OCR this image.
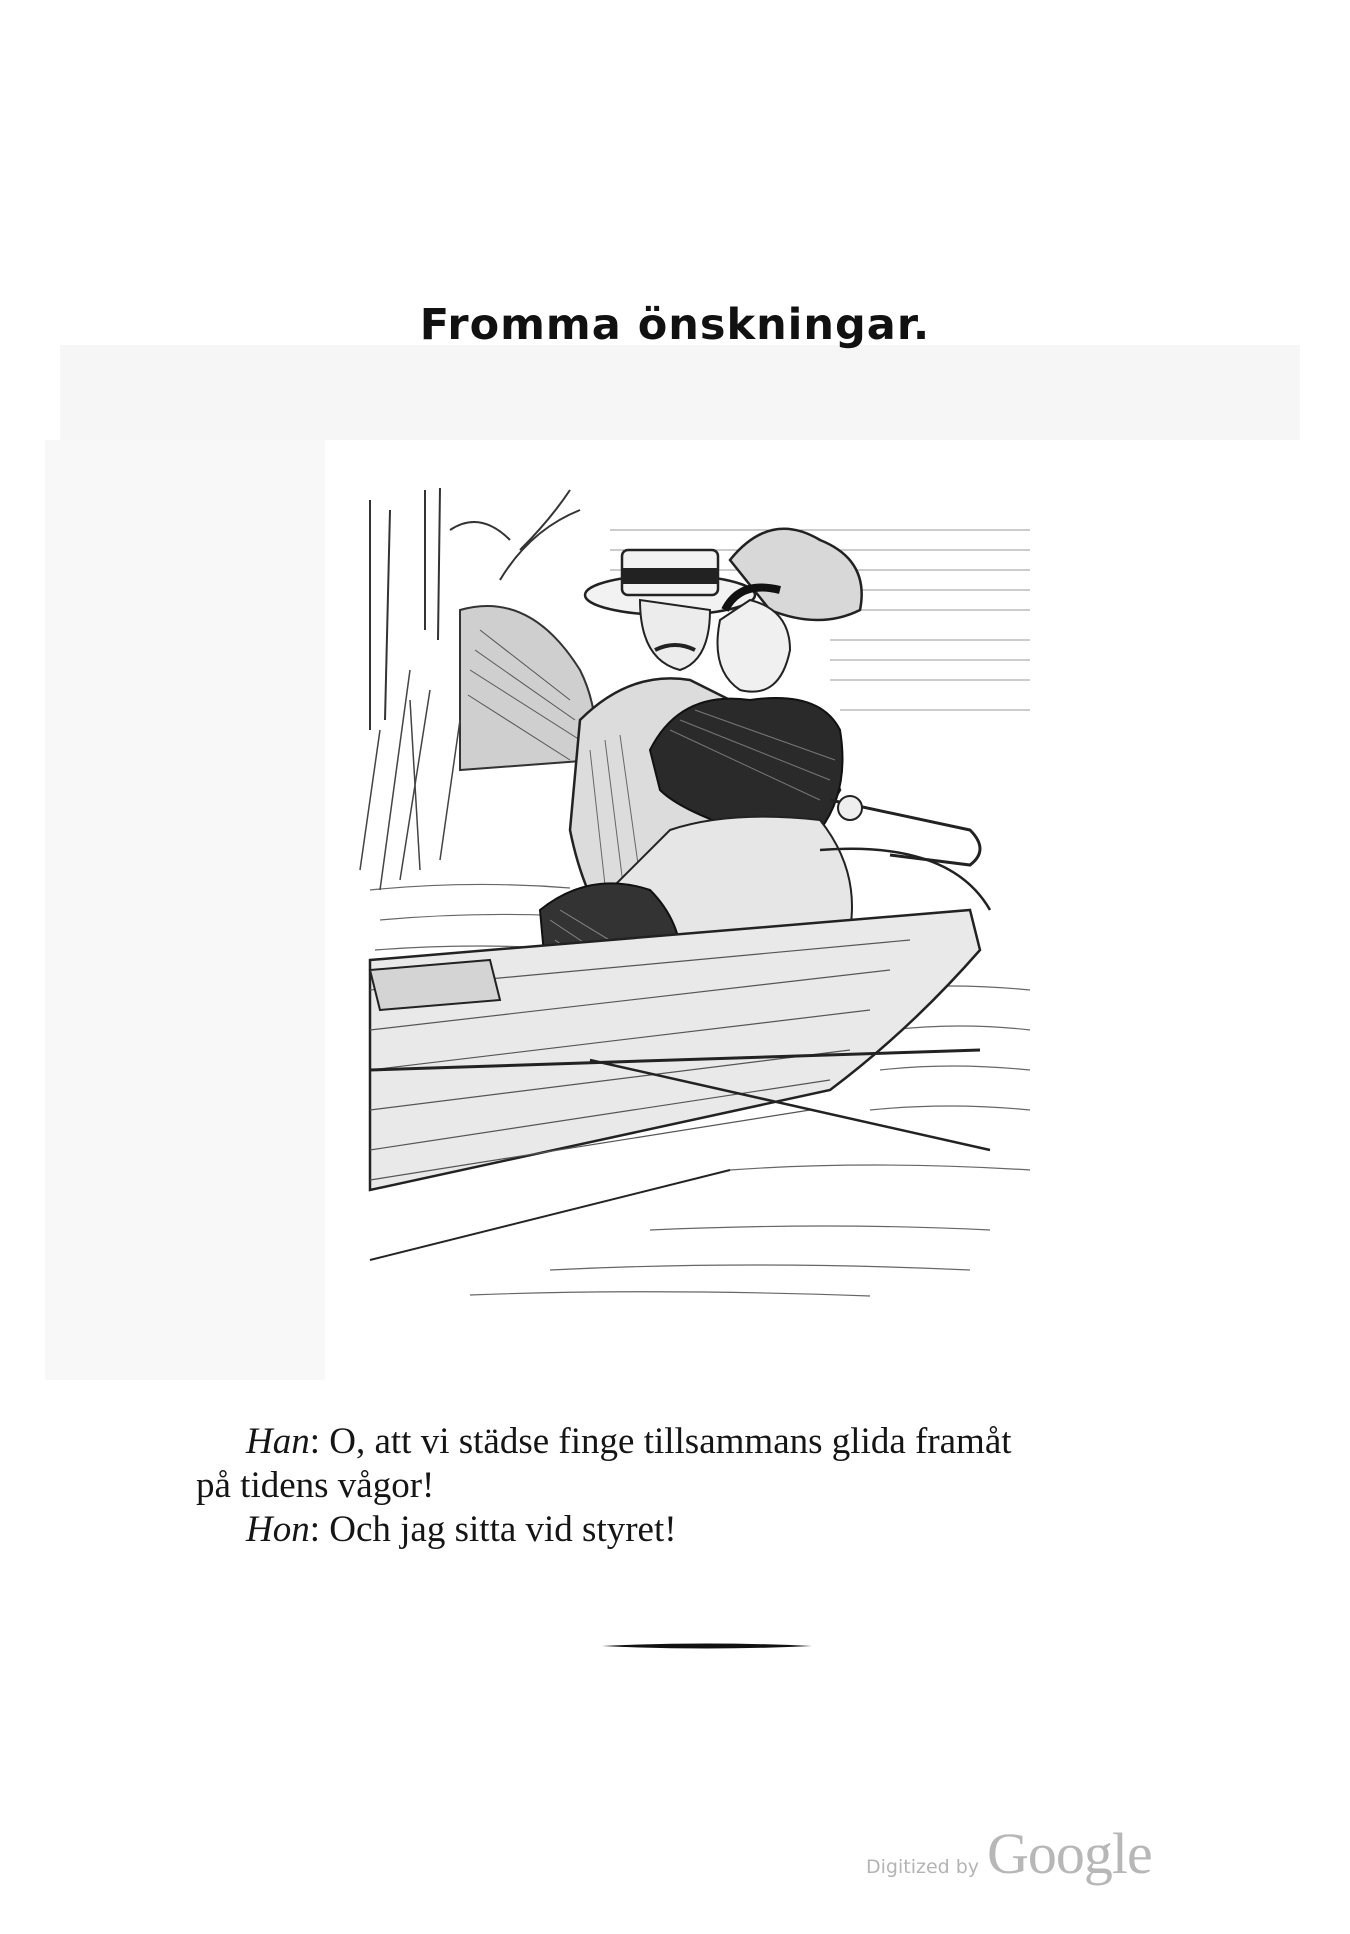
Fromma önskningar.

Han: O, att vi städse finge tillsammans glida framåt

på tidens vågor!

Hon: Och jag sitta vid styret!

Digitized by Google
